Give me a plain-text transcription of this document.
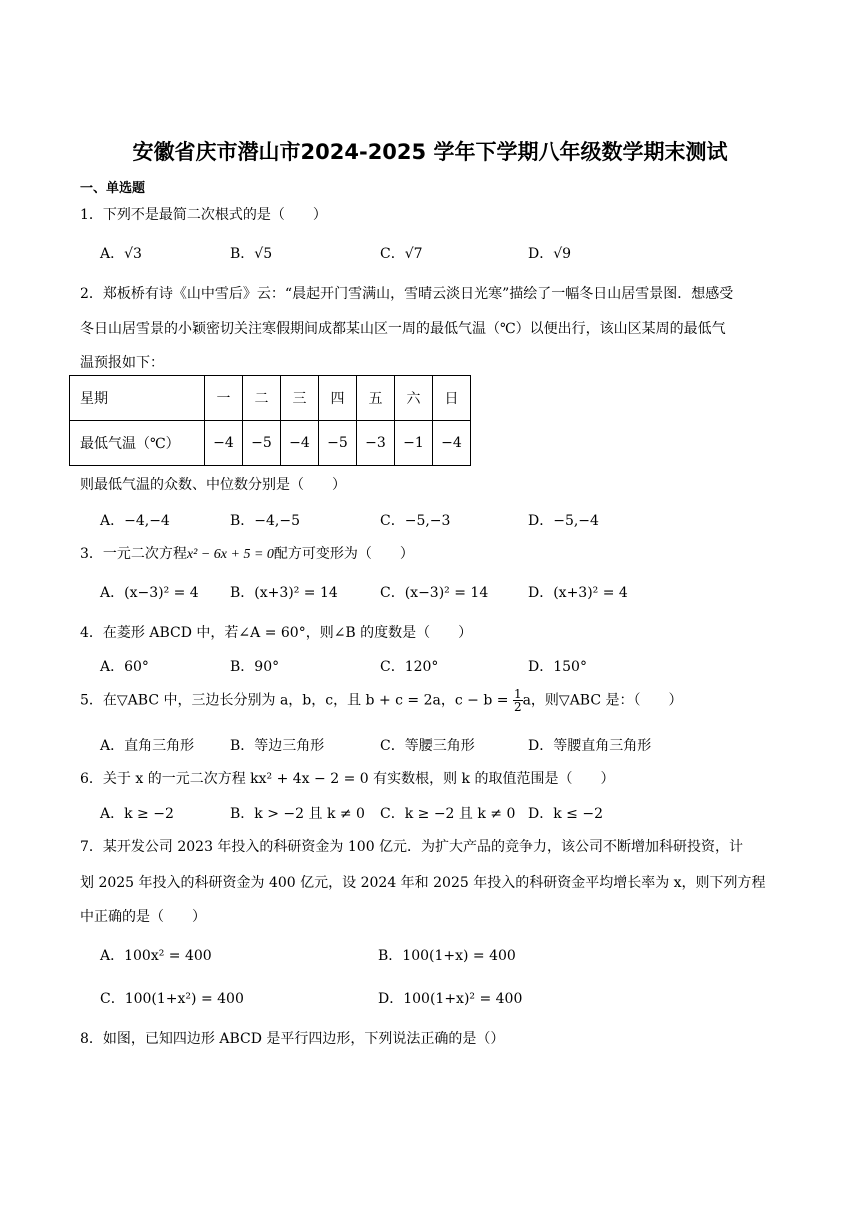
安徽省庆市潜山市2024-2025 学年下学期八年级数学期末测试
一、单选题
1．下列不是最简二次根式的是（　　）
A．√3	B．√5	C．√7	D．√9
2．郑板桥有诗《山中雪后》云：“晨起开门雪满山，雪晴云淡日光寒”描绘了一幅冬日山居雪景图．想感受
冬日山居雪景的小颖密切关注寒假期间成都某山区一周的最低气温（℃）以便出行，该山区某周的最低气
温预报如下：
星期	一	二	三	四	五	六	日
最低气温（℃）	−4	−5	−4	−5	−3	−1	−4
则最低气温的众数、中位数分别是（　　）
A．−4,−4	B．−4,−5	C．−5,−3	D．−5,−4
3．一元二次方程x² − 6x + 5 = 0配方可变形为（　　）
A．(x−3)² = 4 B．(x+3)² = 14	C．(x−3)² = 14	D．(x+3)² = 4
4．在菱形 ABCD 中，若∠A = 60°，则∠B 的度数是（　　）
A．60°	B．90°	C．120°	D．150°
5．在▽ABC 中，三边长分别为 a，b，c，且 b + c = 2a，$c - b = \frac{1}{2}$ a，则▽ABC 是：（　　）
A．直角三角形	B．等边三角形	C．等腰三角形	D．等腰直角三角形
6．关于 x 的一元二次方程 kx² + 4x − 2 = 0 有实数根，则 k 的取值范围是（　　）
A．k ≥ −2	B．k > −2 且 k ≠ 0 C．k ≥ −2 且 k ≠ 0 D．k ≤ −2
7．某开发公司 2023 年投入的科研资金为 100 亿元．为扩大产品的竞争力，该公司不断增加科研投资，计
划 2025 年投入的科研资金为 400 亿元，设 2024 年和 2025 年投入的科研资金平均增长率为 x，则下列方程
中正确的是（　　）
A．100x² = 400	B．100(1+x) = 400
C．100(1+x²) = 400	D．100(1+x)² = 400
8．如图，已知四边形 ABCD 是平行四边形，下列说法正确的是（）
